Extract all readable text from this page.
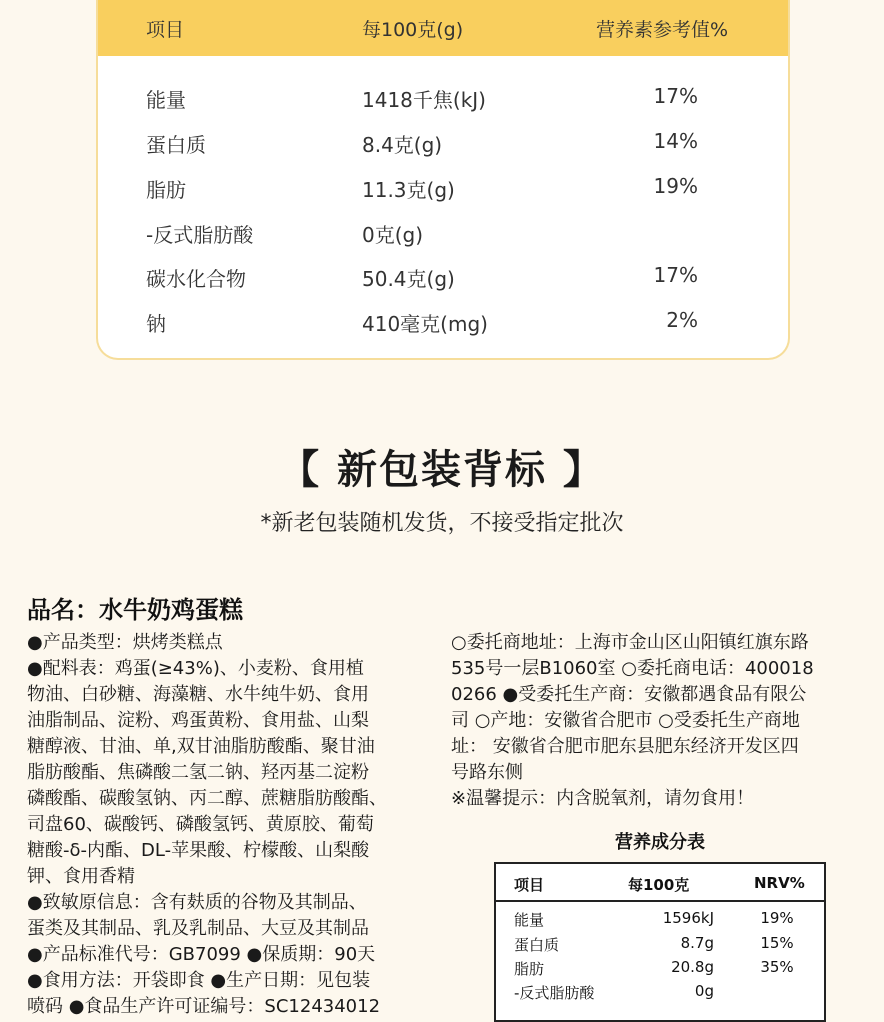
项目	每100克(g)	营养素参考值%
能量	1418千焦(kJ)	17%
蛋白质	8.4克(g)	14%
脂肪	11.3克(g)	19%
-反式脂肪酸	0克(g)
碳水化合物	50.4克(g)	17%
钠	410毫克(mg)	2%
【 新包装背标 】
*新老包装随机发货，不接受指定批次
品名：水牛奶鸡蛋糕

●产品类型：烘烤类糕点

●配料表：鸡蛋(≥43%)、小麦粉、食用植

物油、白砂糖、海藻糖、水牛纯牛奶、食用

油脂制品、淀粉、鸡蛋黄粉、食用盐、山梨

糖醇液、甘油、单,双甘油脂肪酸酯、聚甘油

脂肪酸酯、焦磷酸二氢二钠、羟丙基二淀粉

磷酸酯、碳酸氢钠、丙二醇、蔗糖脂肪酸酯、

司盘60、碳酸钙、磷酸氢钙、黄原胶、葡萄

糖酸-δ-内酯、DL-苹果酸、柠檬酸、山梨酸

钾、食用香精

●致敏原信息：含有麸质的谷物及其制品、

蛋类及其制品、乳及乳制品、大豆及其制品

●产品标准代号：GB7099 ●保质期：90天

●食用方法：开袋即食 ●生产日期：见包装

喷码 ●食品生产许可证编号：SC12434012

○委托商地址：上海市金山区山阳镇红旗东路

535号一层B1060室 ○委托商电话：400018

0266 ●受委托生产商：安徽都遇食品有限公

司 ○产地：安徽省合肥市 ○受委托生产商地

址： 安徽省合肥市肥东县肥东经济开发区四

号路东侧

※温馨提示：内含脱氧剂，请勿食用！

营养成分表
项目	每100克	NRV%
能量	1596kJ	19%
蛋白质	8.7g	15%
脂肪	20.8g	35%
-反式脂肪酸	0g
